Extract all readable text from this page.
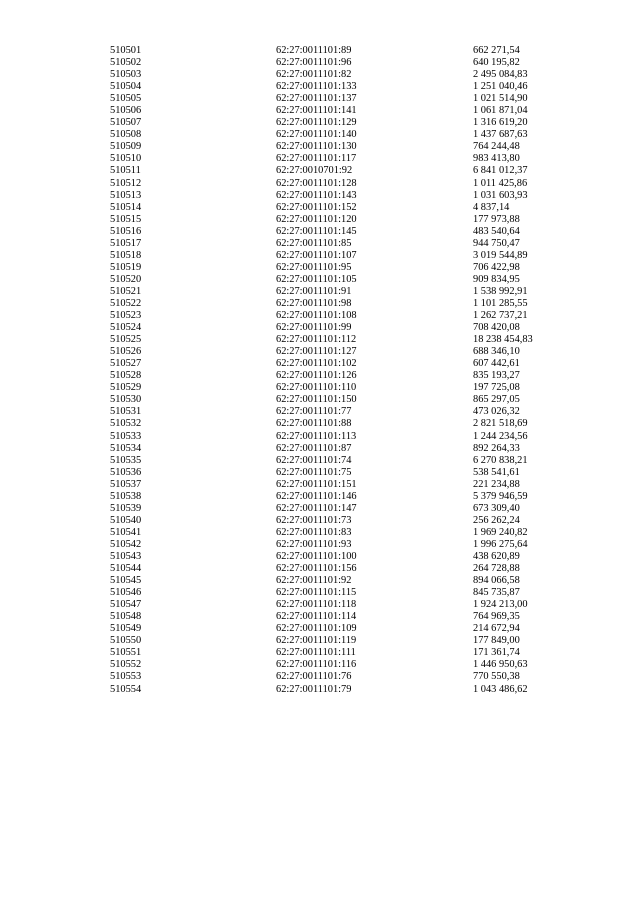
510501	62:27:0011101:89	662 271,54
510502	62:27:0011101:96	640 195,82
510503	62:27:0011101:82	2 495 084,83
510504	62:27:0011101:133	1 251 040,46
510505	62:27:0011101:137	1 021 514,90
510506	62:27:0011101:141	1 061 871,04
510507	62:27:0011101:129	1 316 619,20
510508	62:27:0011101:140	1 437 687,63
510509	62:27:0011101:130	764 244,48
510510	62:27:0011101:117	983 413,80
510511	62:27:0010701:92	6 841 012,37
510512	62:27:0011101:128	1 011 425,86
510513	62:27:0011101:143	1 031 603,93
510514	62:27:0011101:152	4 837,14
510515	62:27:0011101:120	177 973,88
510516	62:27:0011101:145	483 540,64
510517	62:27:0011101:85	944 750,47
510518	62:27:0011101:107	3 019 544,89
510519	62:27:0011101:95	706 422,98
510520	62:27:0011101:105	909 834,95
510521	62:27:0011101:91	1 538 992,91
510522	62:27:0011101:98	1 101 285,55
510523	62:27:0011101:108	1 262 737,21
510524	62:27:0011101:99	708 420,08
510525	62:27:0011101:112	18 238 454,83
510526	62:27:0011101:127	688 346,10
510527	62:27:0011101:102	607 442,61
510528	62:27:0011101:126	835 193,27
510529	62:27:0011101:110	197 725,08
510530	62:27:0011101:150	865 297,05
510531	62:27:0011101:77	473 026,32
510532	62:27:0011101:88	2 821 518,69
510533	62:27:0011101:113	1 244 234,56
510534	62:27:0011101:87	892 264,33
510535	62:27:0011101:74	6 270 838,21
510536	62:27:0011101:75	538 541,61
510537	62:27:0011101:151	221 234,88
510538	62:27:0011101:146	5 379 946,59
510539	62:27:0011101:147	673 309,40
510540	62:27:0011101:73	256 262,24
510541	62:27:0011101:83	1 969 240,82
510542	62:27:0011101:93	1 996 275,64
510543	62:27:0011101:100	438 620,89
510544	62:27:0011101:156	264 728,88
510545	62:27:0011101:92	894 066,58
510546	62:27:0011101:115	845 735,87
510547	62:27:0011101:118	1 924 213,00
510548	62:27:0011101:114	764 969,35
510549	62:27:0011101:109	214 672,94
510550	62:27:0011101:119	177 849,00
510551	62:27:0011101:111	171 361,74
510552	62:27:0011101:116	1 446 950,63
510553	62:27:0011101:76	770 550,38
510554	62:27:0011101:79	1 043 486,62
